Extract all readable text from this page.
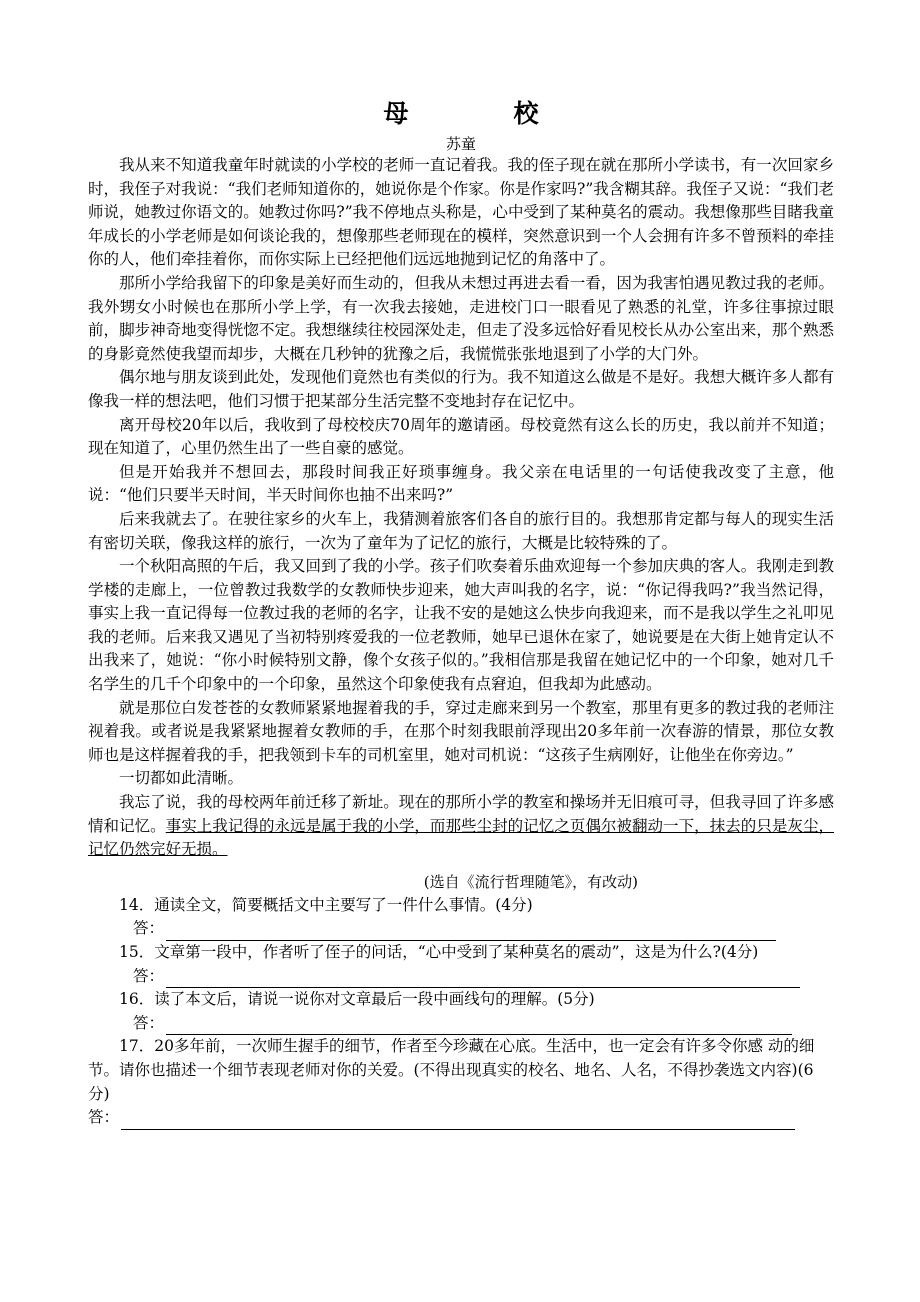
母　校
苏童

我从来不知道我童年时就读的小学校的老师一直记着我。我的侄子现在就在那所小学读书，有一次回家乡时，我侄子对我说：“我们老师知道你的，她说你是个作家。你是作家吗?”我含糊其辞。我侄子又说：“我们老师说，她教过你语文的。她教过你吗?”我不停地点头称是，心中受到了某种莫名的震动。我想像那些目睹我童年成长的小学老师是如何谈论我的，想像那些老师现在的模样，突然意识到一个人会拥有许多不曾预料的牵挂你的人，他们牵挂着你，而你实际上已经把他们远远地抛到记忆的角落中了。

那所小学给我留下的印象是美好而生动的，但我从未想过再进去看一看，因为我害怕遇见教过我的老师。我外甥女小时候也在那所小学上学，有一次我去接她，走进校门口一眼看见了熟悉的礼堂，许多往事掠过眼前，脚步神奇地变得恍惚不定。我想继续往校园深处走，但走了没多远恰好看见校长从办公室出来，那个熟悉的身影竟然使我望而却步，大概在几秒钟的犹豫之后，我慌慌张张地退到了小学的大门外。

偶尔地与朋友谈到此处，发现他们竟然也有类似的行为。我不知道这么做是不是好。我想大概许多人都有像我一样的想法吧，他们习惯于把某部分生活完整不变地封存在记忆中。

离开母校20年以后，我收到了母校校庆70周年的邀请函。母校竟然有这么长的历史，我以前并不知道；现在知道了，心里仍然生出了一些自豪的感觉。

但是开始我并不想回去，那段时间我正好琐事缠身。我父亲在电话里的一句话使我改变了主意，他说：“他们只要半天时间，半天时间你也抽不出来吗?”

后来我就去了。在驶往家乡的火车上，我猜测着旅客们各自的旅行目的。我想那肯定都与每人的现实生活有密切关联，像我这样的旅行，一次为了童年为了记忆的旅行，大概是比较特殊的了。

一个秋阳高照的午后，我又回到了我的小学。孩子们吹奏着乐曲欢迎每一个参加庆典的客人。我刚走到教学楼的走廊上，一位曾教过我数学的女教师快步迎来，她大声叫我的名字，说：“你记得我吗?”我当然记得，事实上我一直记得每一位教过我的老师的名字，让我不安的是她这么快步向我迎来，而不是我以学生之礼叩见我的老师。后来我又遇见了当初特别疼爱我的一位老教师，她早已退休在家了，她说要是在大街上她肯定认不出我来了，她说：“你小时候特别文静，像个女孩子似的。”我相信那是我留在她记忆中的一个印象，她对几千名学生的几千个印象中的一个印象，虽然这个印象使我有点窘迫，但我却为此感动。

就是那位白发苍苍的女教师紧紧地握着我的手，穿过走廊来到另一个教室，那里有更多的教过我的老师注视着我。或者说是我紧紧地握着女教师的手，在那个时刻我眼前浮现出20多年前一次春游的情景，那位女教师也是这样握着我的手，把我领到卡车的司机室里，她对司机说：“这孩子生病刚好，让他坐在你旁边。”

一切都如此清晰。

我忘了说，我的母校两年前迁移了新址。现在的那所小学的教室和操场并无旧痕可寻，但我寻回了许多感情和记忆。事实上我记得的永远是属于我的小学，而那些尘封的记忆之页偶尔被翻动一下，抹去的只是灰尘，记忆仍然完好无损。

(选自《流行哲理随笔》，有改动)

14．通读全文，简要概括文中主要写了一件什么事情。(4分)

答：

15．文章第一段中，作者听了侄子的问话，“心中受到了某种莫名的震动”，这是为什么?(4分)

答：

16．读了本文后，请说一说你对文章最后一段中画线句的理解。(5分)

答：

17．20多年前，一次师生握手的细节，作者至今珍藏在心底。生活中，也一定会有许多令你感 动的细节。请你也描述一个细节表现老师对你的关爱。(不得出现真实的校名、地名、人名，不得抄袭选文内容)(6分)

答：
